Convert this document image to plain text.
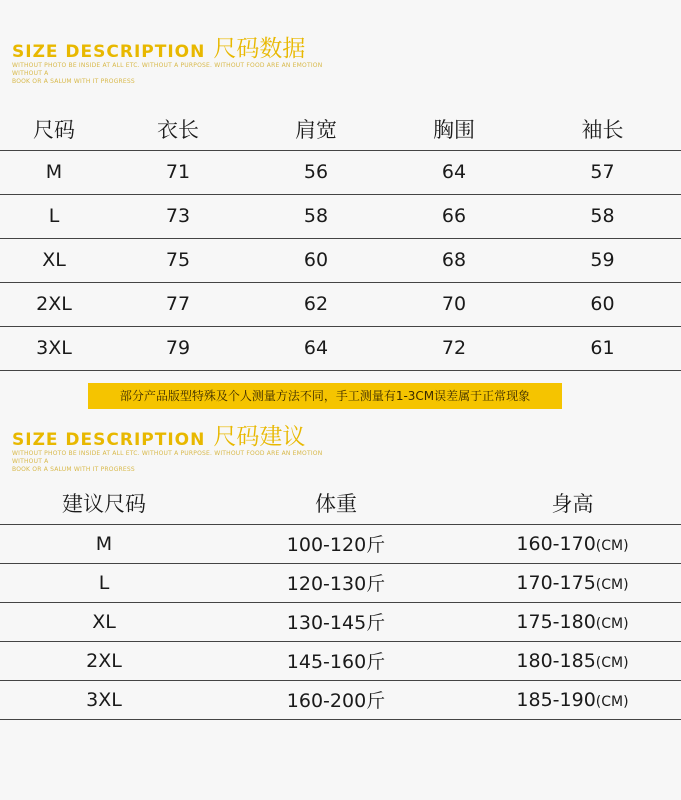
SIZE DESCRIPTION 尺码数据
WITHOUT PHOTO BE INSIDE AT ALL ETC. WITHOUT A PURPOSE. WITHOUT FOOD ARE AN EMOTION WITHOUT A
BOOK OR A SALUM WITH IT PROGRESS
尺码	衣长	肩宽	胸围	袖长
M	71	56	64	57
L	73	58	66	58
XL	75	60	68	59
2XL	77	62	70	60
3XL	79	64	72	61
部分产品版型特殊及个人测量方法不同，手工测量有1-3CM误差属于正常现象
SIZE DESCRIPTION 尺码建议
WITHOUT PHOTO BE INSIDE AT ALL ETC. WITHOUT A PURPOSE. WITHOUT FOOD ARE AN EMOTION WITHOUT A
BOOK OR A SALUM WITH IT PROGRESS
建议尺码	体重	身高
M	100-120斤	160-170(CM)
L	120-130斤	170-175(CM)
XL	130-145斤	175-180(CM)
2XL	145-160斤	180-185(CM)
3XL	160-200斤	185-190(CM)
